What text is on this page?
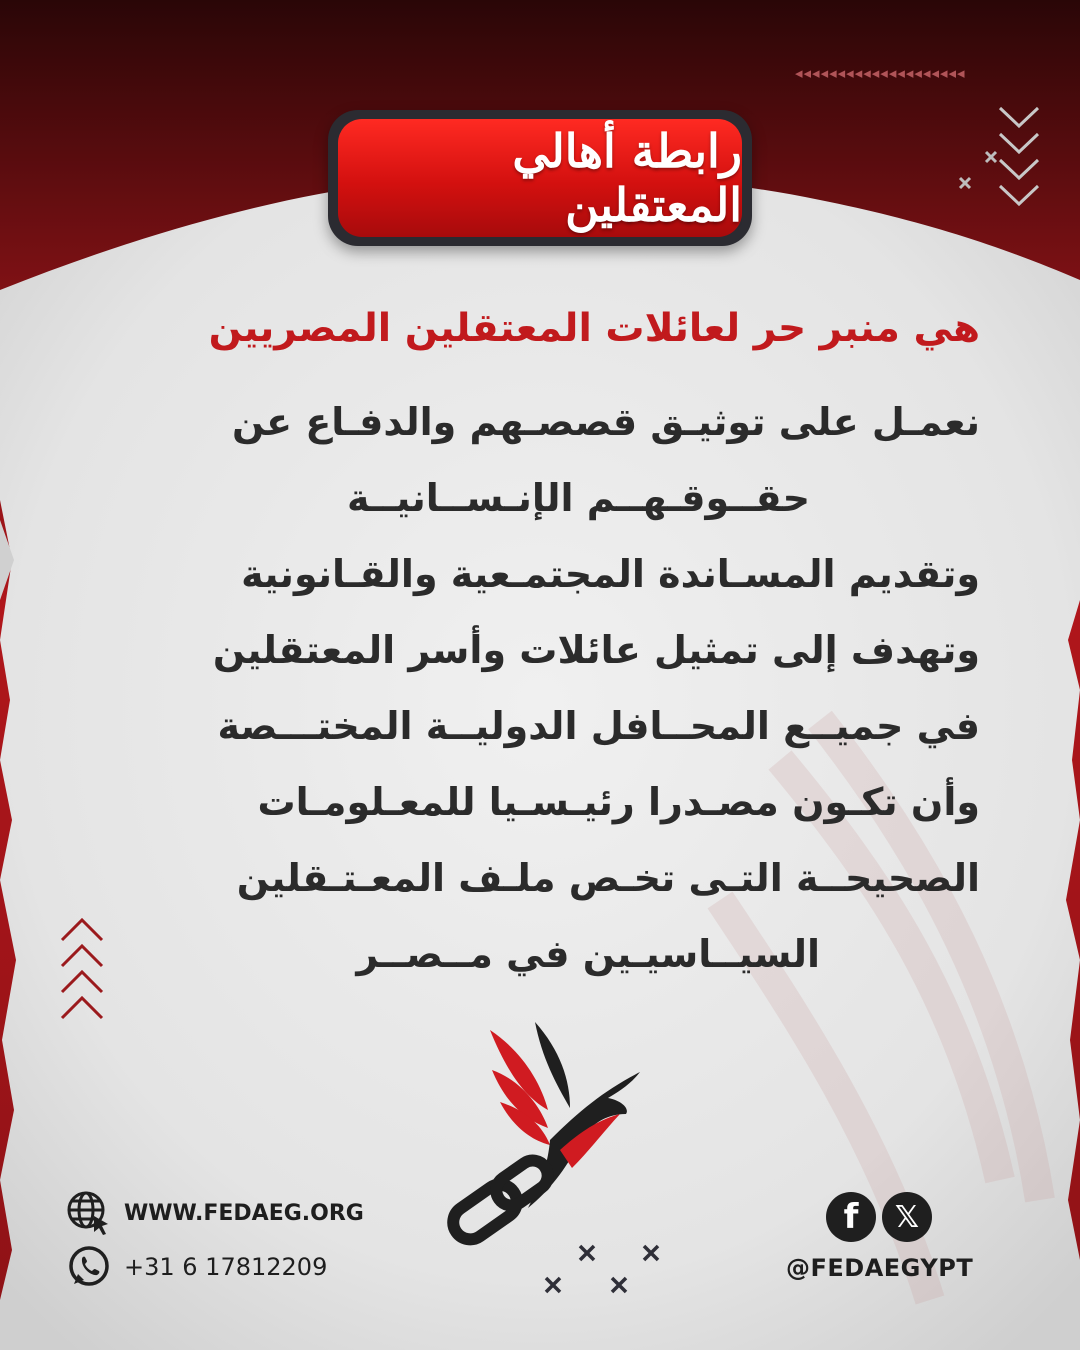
◂◂◂◂◂◂◂◂◂◂◂◂◂◂◂◂◂◂◂◂
رابطة أهالي المعتقلين
هي منبر حر لعائلات المعتقلين المصريين
نعمـل على توثيـق قصصـهم والدفـاع عن
حقــوقـهــم الإنـســانيــة
وتقديم المسـاندة المجتمـعية والقـانونية
وتهدف إلى تمثيل عائلات وأسر المعتقلين
في جميــع المحــافل الدوليــة المختـــصة
وأن تكـون مصـدرا رئيـسـيا للمعـلومـات
الصحيحــة التـى تخـص ملـف المعـتـقلين
السيــاسيـين في مــصــر
WWW.FEDAEG.ORG
+31 6 17812209
f	𝕏
@FEDAEGYPT
